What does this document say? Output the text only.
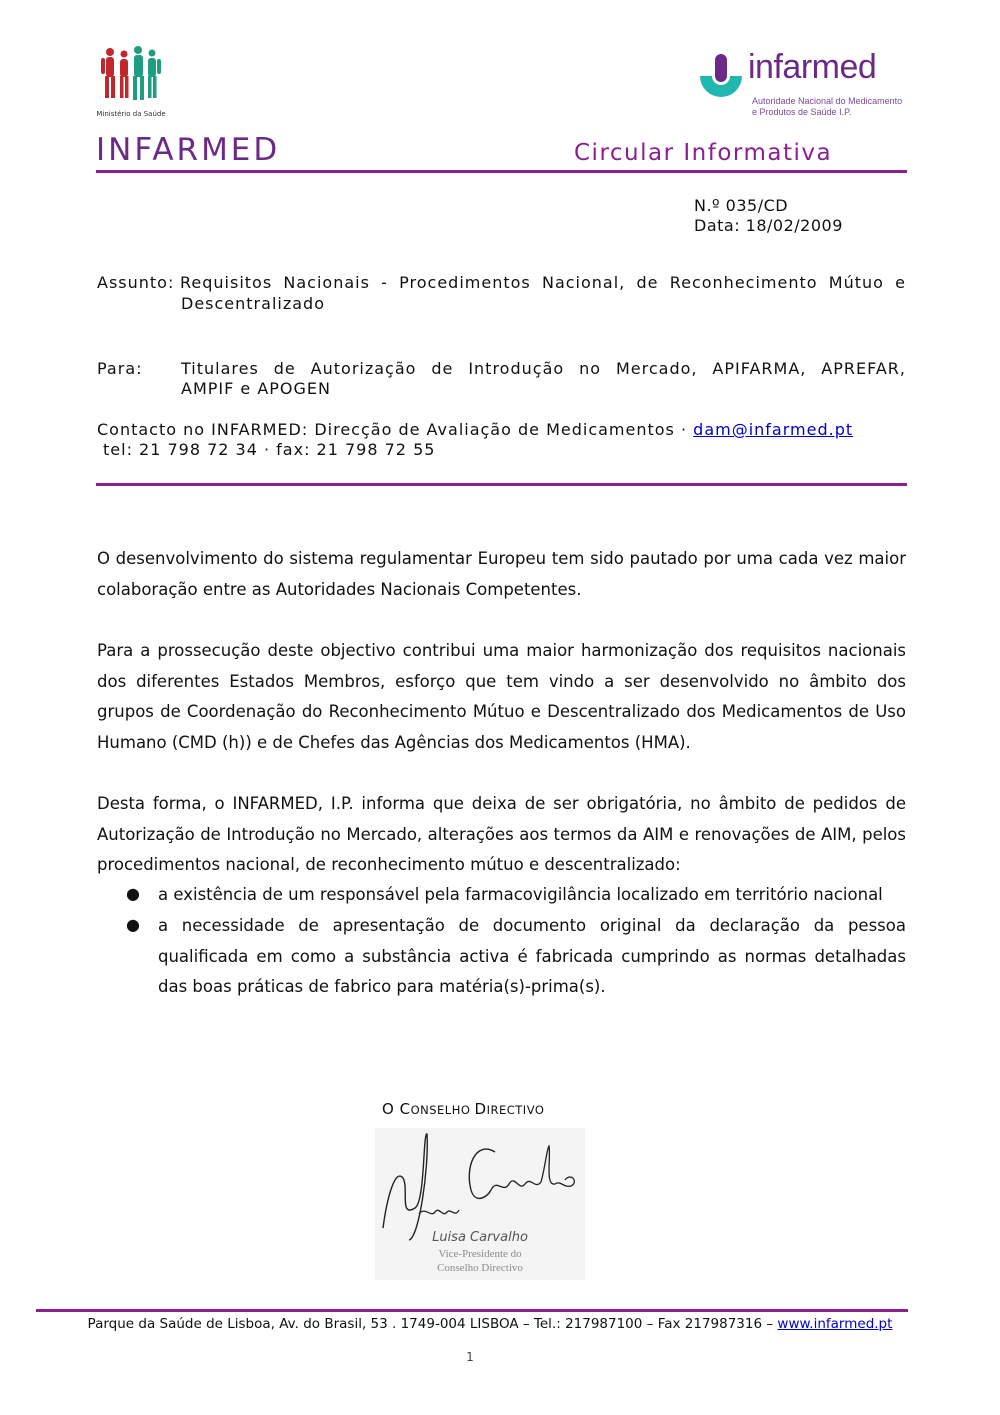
Ministério da Saúde
infarmed
Autoridade Nacional do Medicamento
e Produtos de Saúde I.P.
INFARMED	Circular Informativa
N.º 035/CD
Data: 18/02/2009
Assunto: Requisitos Nacionais - Procedimentos Nacional, de Reconhecimento Mútuo e
Descentralizado
Para: Titulares de Autorização de Introdução no Mercado, APIFARMA, APREFAR,
AMPIF e APOGEN
Contacto no INFARMED: Direcção de Avaliação de Medicamentos · dam@infarmed.pt
tel: 21 798 72 34 · fax: 21 798 72 55
O desenvolvimento do sistema regulamentar Europeu tem sido pautado por uma cada vez maior colaboração entre as Autoridades Nacionais Competentes.
Para a prossecução deste objectivo contribui uma maior harmonização dos requisitos nacionais dos diferentes Estados Membros, esforço que tem vindo a ser desenvolvido no âmbito dos grupos de Coordenação do Reconhecimento Mútuo e Descentralizado dos Medicamentos de Uso Humano (CMD (h)) e de Chefes das Agências dos Medicamentos (HMA).
Desta forma, o INFARMED, I.P. informa que deixa de ser obrigatória, no âmbito de pedidos de Autorização de Introdução no Mercado, alterações aos termos da AIM e renovações de AIM, pelos procedimentos nacional, de reconhecimento mútuo e descentralizado:
● a existência de um responsável pela farmacovigilância localizado em território nacional
● a necessidade de apresentação de documento original da declaração da pessoa qualificada em como a substância activa é fabricada cumprindo as normas detalhadas das boas práticas de fabrico para matéria(s)-prima(s).
O CONSELHO DIRECTIVO
Luisa Carvalho
Vice-Presidente do
Conselho Directivo
Parque da Saúde de Lisboa, Av. do Brasil, 53 . 1749-004 LISBOA – Tel.: 217987100 – Fax 217987316 – www.infarmed.pt
1
